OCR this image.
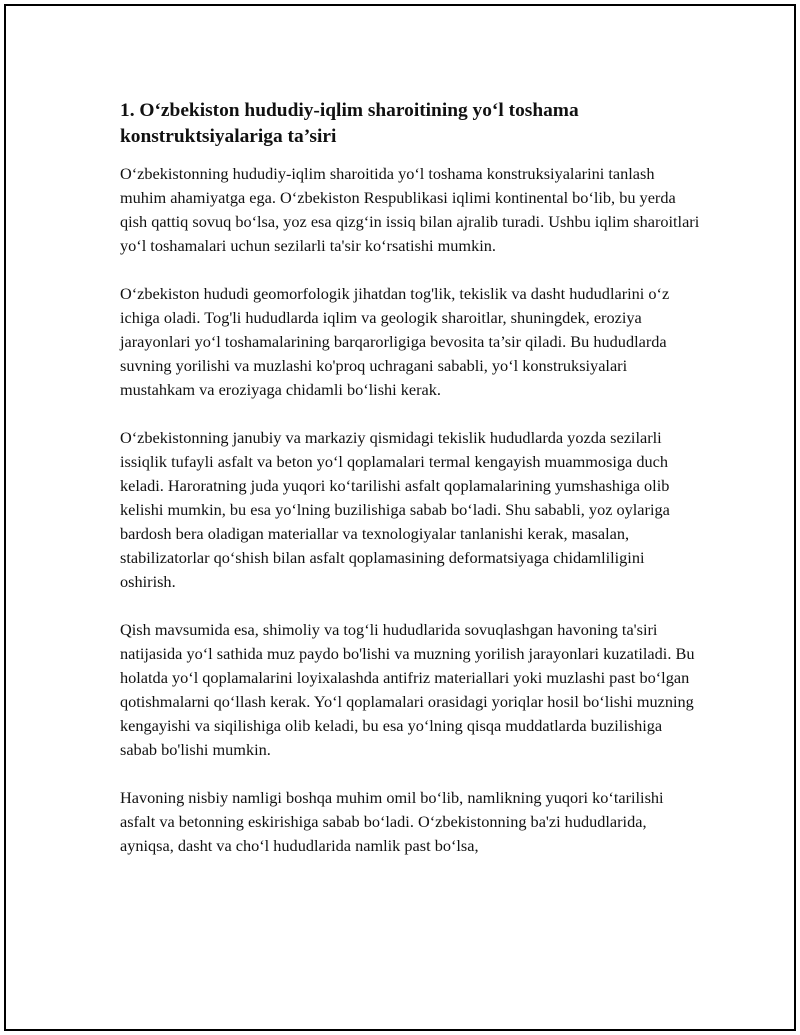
1. O‘zbekiston hududiy-iqlim sharoitining yo‘l toshama konstruktsiyalariga ta’siri

O‘zbekistonning hududiy-iqlim sharoitida yo‘l toshama konstruksiyalarini tanlash muhim ahamiyatga ega. O‘zbekiston Respublikasi iqlimi kontinental bo‘lib, bu yerda qish qattiq sovuq bo‘lsa, yoz esa qizg‘in issiq bilan ajralib turadi. Ushbu iqlim sharoitlari yo‘l toshamalari uchun sezilarli ta'sir ko‘rsatishi mumkin.

O‘zbekiston hududi geomorfologik jihatdan tog'lik, tekislik va dasht hududlarini o‘z ichiga oladi. Tog'li hududlarda iqlim va geologik sharoitlar, shuningdek, eroziya jarayonlari yo‘l toshamalarining barqarorligiga bevosita ta’sir qiladi. Bu hududlarda suvning yorilishi va muzlashi ko'proq uchragani sababli, yo‘l konstruksiyalari mustahkam va eroziyaga chidamli bo‘lishi kerak.

O‘zbekistonning janubiy va markaziy qismidagi tekislik hududlarda yozda sezilarli issiqlik tufayli asfalt va beton yo‘l qoplamalari termal kengayish muammosiga duch keladi. Haroratning juda yuqori ko‘tarilishi asfalt qoplamalarining yumshashiga olib kelishi mumkin, bu esa yo‘lning buzilishiga sabab bo‘ladi. Shu sababli, yoz oylariga bardosh bera oladigan materiallar va texnologiyalar tanlanishi kerak, masalan, stabilizatorlar qo‘shish bilan asfalt qoplamasining deformatsiyaga chidamliligini oshirish.

Qish mavsumida esa, shimoliy va tog‘li hududlarida sovuqlashgan havoning ta'siri natijasida yo‘l sathida muz paydo bo'lishi va muzning yorilish jarayonlari kuzatiladi. Bu holatda yo‘l qoplamalarini loyixalashda antifriz materiallari yoki muzlashi past bo‘lgan qotishmalarni qo‘llash kerak. Yo‘l qoplamalari orasidagi yoriqlar hosil bo‘lishi muzning kengayishi va siqilishiga olib keladi, bu esa yo‘lning qisqa muddatlarda buzilishiga sabab bo'lishi mumkin.

Havoning nisbiy namligi boshqa muhim omil bo‘lib, namlikning yuqori ko‘tarilishi asfalt va betonning eskirishiga sabab bo‘ladi. O‘zbekistonning ba'zi hududlarida, ayniqsa, dasht va cho‘l hududlarida namlik past bo‘lsa,
